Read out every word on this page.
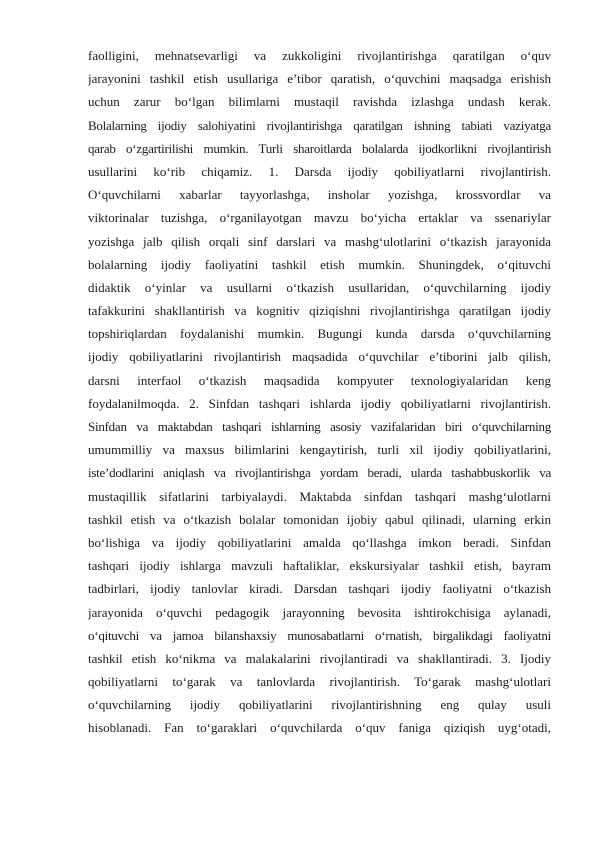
faolligini, mehnatsevarligi va zukkoligini rivojlantirishga qaratilgan o‘quv
jarayonini tashkil etish usullariga e’tibor qaratish, o‘quvchini maqsadga erishish
uchun zarur bo‘lgan bilimlarni mustaqil ravishda izlashga undash kerak.
Bolalarning ijodiy salohiyatini rivojlantirishga qaratilgan ishning tabiati vaziyatga
qarab o‘zgartirilishi mumkin. Turli sharoitlarda bolalarda ijodkorlikni rivojlantirish
usullarini ko‘rib chiqamiz. 1. Darsda ijodiy qobiliyatlarni rivojlantirish.
O‘quvchilarni xabarlar tayyorlashga, insholar yozishga, krossvordlar va
viktorinalar tuzishga, o‘rganilayotgan mavzu bo‘yicha ertaklar va ssenariylar
yozishga jalb qilish orqali sinf darslari va mashg‘ulotlarini o‘tkazish jarayonida
bolalarning ijodiy faoliyatini tashkil etish mumkin. Shuningdek, o‘qituvchi
didaktik o‘yinlar va usullarni o‘tkazish usullaridan, o‘quvchilarning ijodiy
tafakkurini shakllantirish va kognitiv qiziqishni rivojlantirishga qaratilgan ijodiy
topshiriqlardan foydalanishi mumkin. Bugungi kunda darsda o‘quvchilarning
ijodiy qobiliyatlarini rivojlantirish maqsadida o‘quvchilar e’tiborini jalb qilish,
darsni interfaol o‘tkazish maqsadida kompyuter texnologiyalaridan keng
foydalanilmoqda. 2. Sinfdan tashqari ishlarda ijodiy qobiliyatlarni rivojlantirish.
Sinfdan va maktabdan tashqari ishlarning asosiy vazifalaridan biri o‘quvchilarning
umummilliy va maxsus bilimlarini kengaytirish, turli xil ijodiy qobiliyatlarini,
iste’dodlarini aniqlash va rivojlantirishga yordam beradi, ularda tashabbuskorlik va
mustaqillik sifatlarini tarbiyalaydi. Maktabda sinfdan tashqari mashg‘ulotlarni
tashkil etish va o‘tkazish bolalar tomonidan ijobiy qabul qilinadi, ularning erkin
bo‘lishiga va ijodiy qobiliyatlarini amalda qo‘llashga imkon beradi. Sinfdan
tashqari ijodiy ishlarga mavzuli haftaliklar, ekskursiyalar tashkil etish, bayram
tadbirlari, ijodiy tanlovlar kiradi. Darsdan tashqari ijodiy faoliyatni o‘tkazish
jarayonida o‘quvchi pedagogik jarayonning bevosita ishtirokchisiga aylanadi,
o‘qituvchi va jamoa bilanshaxsiy munosabatlarni o‘rnatish, birgalikdagi faoliyatni
tashkil etish ko‘nikma va malakalarini rivojlantiradi va shakllantiradi. 3. Ijodiy
qobiliyatlarni to‘garak va tanlovlarda rivojlantirish. To‘garak mashg‘ulotlari
o‘quvchilarning ijodiy qobiliyatlarini rivojlantirishning eng qulay usuli
hisoblanadi. Fan to‘garaklari o‘quvchilarda o‘quv faniga qiziqish uyg‘otadi,
